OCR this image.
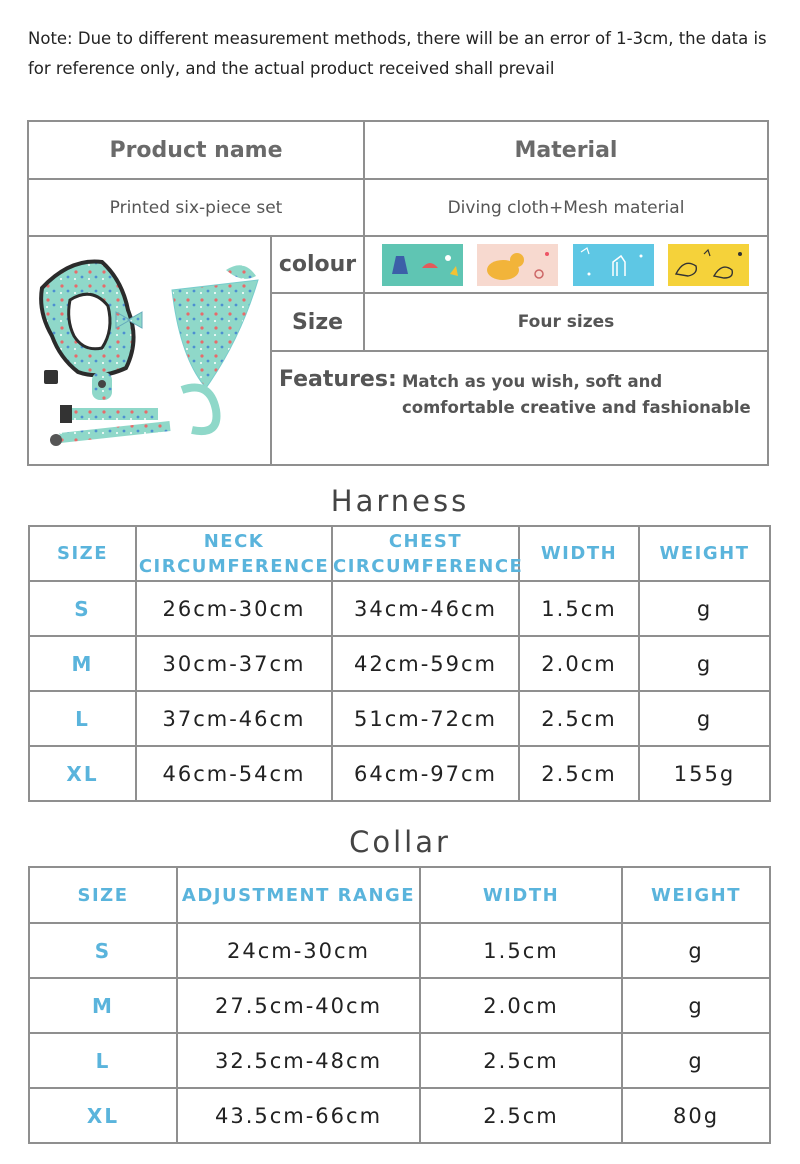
Note: Due to different measurement methods, there will be an error of 1-3cm, the data is for reference only, and the actual product received shall prevail
Product name	Material
Printed six-piece set	Diving cloth+Mesh material
colour
Size	Four sizes
Features: Match as you wish, soft and comfortable creative and fashionable
Harness
SIZE	NECK CIRCUMFERENCE	CHEST CIRCUMFERENCE	WIDTH	WEIGHT
S	26cm-30cm	34cm-46cm	1.5cm	g
M	30cm-37cm	42cm-59cm	2.0cm	g
L	37cm-46cm	51cm-72cm	2.5cm	g
XL	46cm-54cm	64cm-97cm	2.5cm	155g
Collar
SIZE	ADJUSTMENT RANGE	WIDTH	WEIGHT
S	24cm-30cm	1.5cm	g
M	27.5cm-40cm	2.0cm	g
L	32.5cm-48cm	2.5cm	g
XL	43.5cm-66cm	2.5cm	80g
